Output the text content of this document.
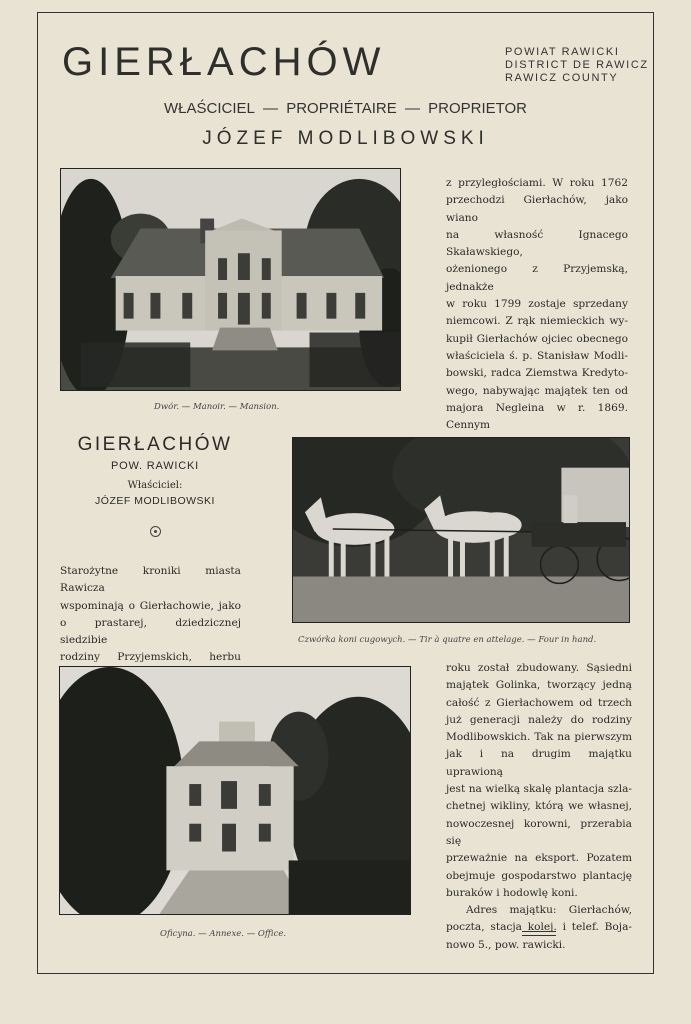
GIERŁACHÓW	POWIAT RAWICKI
DISTRICT DE RAWICZ
RAWICZ COUNTY
WŁAŚCICIEL — PROPRIÉTAIRE — PROPRIETOR
JÓZEF MODLIBOWSKI
Dwór. — Manoir. — Mansion.
z przyległościami. W roku 1762
przechodzi Gierłachów, jako wiano
na własność Ignacego Skaławskiego,
ożenionego z Przyjemską, jednakże
w roku 1799 zostaje sprzedany
niemcowi. Z rąk niemieckich wy-
kupił Gierłachów ojciec obecnego
właściciela ś. p. Stanisław Modli-
bowski, radca Ziemstwa Kredyto-
wego, nabywając majątek ten od
majora Negleina w r. 1869. Cennym
GIERŁACHÓW
POW. RAWICKI
Właściciel:
JÓZEF MODLIBOWSKI
Starożytne kroniki miasta Rawicza
wspominają o Gierłachowie, jako
o prastarej, dziedzicznej siedzibie
rodziny Przyjemskich, herbu
Czwórka koni cugowych. — Tir à quatre en attelage. — Four in hand.
Oficyna. — Annexe. — Office.
roku został zbudowany. Sąsiedni
majątek Golinka, tworzący jedną
całość z Gierłachowem od trzech
już generacji należy do rodziny
Modlibowskich. Tak na pierwszym
jak i na drugim majątku uprawioną
jest na wielką skalę plantacja szla-
chetnej wikliny, którą we własnej,
nowoczesnej korowni, przerabia się
przeważnie na eksport. Pozatem
obejmuje gospodarstwo plantację
buraków i hodowlę koni.
Adres majątku: Gierłachów,
poczta, stacja kolej. i telef. Boja-
nowo 5., pow. rawicki.
